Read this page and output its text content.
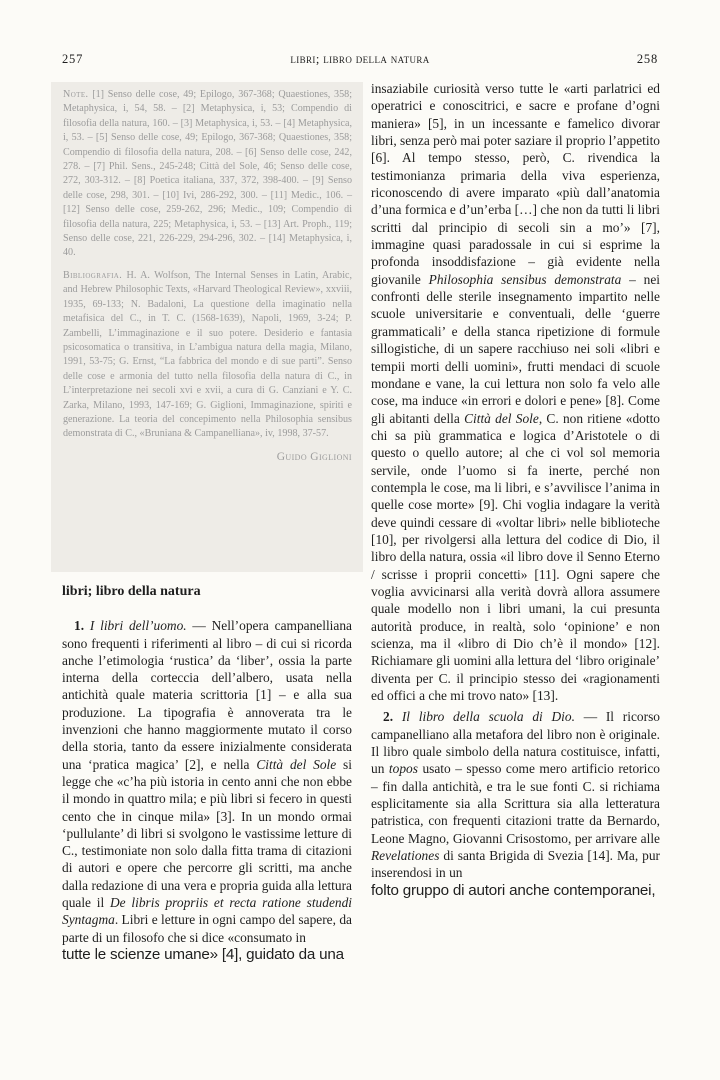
257	libri; libro della natura	258

Note. [1] Senso delle cose, 49; Epilogo, 367-368; Quaestiones, 358; Metaphysica, i, 54, 58. – [2] Metaphysica, i, 53; Compendio di filosofia della natura, 160. – [3] Metaphysica, i, 53. – [4] Metaphysica, i, 53. – [5] Senso delle cose, 49; Epilogo, 367-368; Quaestiones, 358; Compendio di filosofia della natura, 208. – [6] Senso delle cose, 242, 278. – [7] Phil. Sens., 245-248; Città del Sole, 46; Senso delle cose, 272, 303-312. – [8] Poetica italiana, 337, 372, 398-400. – [9] Senso delle cose, 298, 301. – [10] Ivi, 286-292, 300. – [11] Medic., 106. – [12] Senso delle cose, 259-262, 296; Medic., 109; Compendio di filosofia della natura, 225; Metaphysica, i, 53. – [13] Art. Proph., 119; Senso delle cose, 221, 226-229, 294-296, 302. – [14] Metaphysica, i, 40.

Bibliografia. H. A. Wolfson, The Internal Senses in Latin, Arabic, and Hebrew Philosophic Texts, «Harvard Theological Review», xxviii, 1935, 69-133; N. Badaloni, La questione della imaginatio nella metafisica del C., in T. C. (1568-1639), Napoli, 1969, 3-24; P. Zambelli, L’immaginazione e il suo potere. Desiderio e fantasia psicosomatica o transitiva, in L’ambigua natura della magia, Milano, 1991, 53-75; G. Ernst, “La fabbrica del mondo e di sue parti”. Senso delle cose e armonia del tutto nella filosofia della natura di C., in L’interpretazione nei secoli xvi e xvii, a cura di G. Canziani e Y. C. Zarka, Milano, 1993, 147-169; G. Giglioni, Immaginazione, spiriti e generazione. La teoria del concepimento nella Philosophia sensibus demonstrata di C., «Bruniana & Campanelliana», iv, 1998, 37-57.

Guido Giglioni
libri; libro della natura

1. I libri dell’uomo. — Nell’opera campanelliana sono frequenti i riferimenti al libro – di cui si ricorda anche l’etimologia ‘rustica’ da ‘liber’, ossia la parte interna della corteccia dell’albero, usata nella antichità quale materia scrittoria [1] – e alla sua produzione. La tipografia è annoverata tra le invenzioni che hanno maggiormente mutato il corso della storia, tanto da essere inizialmente considerata una ‘pratica magica’ [2], e nella Città del Sole si legge che «c’ha più istoria in cento anni che non ebbe il mondo in quattro mila; e più libri si fecero in questi cento che in cinque mila» [3]. In un mondo ormai ‘pullulante’ di libri si svolgono le vastissime letture di C., testimoniate non solo dalla fitta trama di citazioni di autori e opere che percorre gli scritti, ma anche dalla redazione di una vera e propria guida alla lettura quale il De libris propriis et recta ratione studendi Syntagma. Libri e letture in ogni campo del sapere, da parte di un filosofo che si dice «consumato in
tutte le scienze umane» [4], guidato da una

insaziabile curiosità verso tutte le «arti parlatrici ed operatrici e conoscitrici, e sacre e profane d’ogni maniera» [5], in un incessante e famelico divorar libri, senza però mai poter saziare il proprio l’appetito [6]. Al tempo stesso, però, C. rivendica la testimonianza primaria della viva esperienza, riconoscendo di avere imparato «più dall’anatomia d’una formica e d’un’erba […] che non da tutti li libri scritti dal principio di secoli sin a mo’» [7], immagine quasi paradossale in cui si esprime la profonda insoddisfazione – già evidente nella giovanile Philosophia sensibus demonstrata – nei confronti delle sterile insegnamento impartito nelle scuole universitarie e conventuali, delle ‘guerre grammaticali’ e della stanca ripetizione di formule sillogistiche, di un sapere racchiuso nei soli «libri e tempii morti delli uomini», frutti mendaci di scuole mondane e vane, la cui lettura non solo fa velo alle cose, ma induce «in errori e dolori e pene» [8]. Come gli abitanti della Città del Sole, C. non ritiene «dotto chi sa più grammatica e logica d’Aristotele o di questo o quello autore; al che ci vol sol memoria servile, onde l’uomo si fa inerte, perché non contempla le cose, ma li libri, e s’avvilisce l’anima in quelle cose morte» [9]. Chi voglia indagare la verità deve quindi cessare di «voltar libri» nelle biblioteche [10], per rivolgersi alla lettura del codice di Dio, il libro della natura, ossia «il libro dove il Senno Eterno / scrisse i proprii concetti» [11]. Ogni sapere che voglia avvicinarsi alla verità dovrà allora assumere quale modello non i libri umani, la cui presunta autorità produce, in realtà, solo ‘opinione’ e non scienza, ma il «libro di Dio ch’è il mondo» [12]. Richiamare gli uomini alla lettura del ‘libro originale’ diventa per C. il principio stesso dei «ragionamenti ed offici a che mi trovo nato» [13].

2. Il libro della scuola di Dio. — Il ricorso campanelliano alla metafora del libro non è originale. Il libro quale simbolo della natura costituisce, infatti, un topos usato – spesso come mero artificio retorico – fin dalla antichità, e tra le sue fonti C. si richiama esplicitamente sia alla Scrittura sia alla letteratura patristica, con frequenti citazioni tratte da Bernardo, Leone Magno, Giovanni Crisostomo, per arrivare alle Revelationes di santa Brigida di Svezia [14]. Ma, pur inserendosi in un
folto gruppo di autori anche contemporanei,
